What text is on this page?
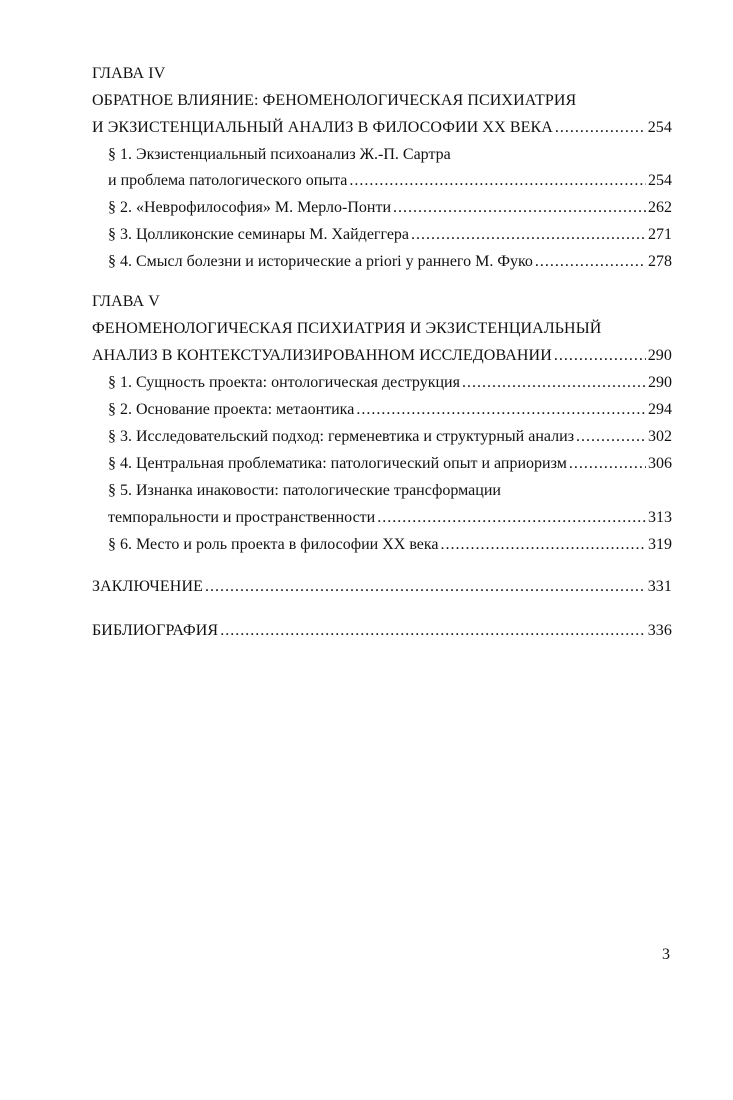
ГЛАВА IV
ОБРАТНОЕ ВЛИЯНИЕ: ФЕНОМЕНОЛОГИЧЕСКАЯ ПСИХИАТРИЯ
И ЭКЗИСТЕНЦИАЛЬНЫЙ АНАЛИЗ В ФИЛОСОФИИ XX ВЕКА .....	254
§ 1. Экзистенциальный психоанализ Ж.-П. Сартра
и проблема патологического опыта .....	254
§ 2. «Неврофилософия» М. Мерло-Понти .....	262
§ 3. Цолликонские семинары М. Хайдеггера .....	271
§ 4. Смысл болезни и исторические a priori у раннего М. Фуко .....	278
ГЛАВА V
ФЕНОМЕНОЛОГИЧЕСКАЯ ПСИХИАТРИЯ И ЭКЗИСТЕНЦИАЛЬНЫЙ
АНАЛИЗ В КОНТЕКСТУАЛИЗИРОВАННОМ ИССЛЕДОВАНИИ .....	290
§ 1. Сущность проекта: онтологическая деструкция .....	290
§ 2. Основание проекта: метаонтика .....	294
§ 3. Исследовательский подход: герменевтика и структурный анализ .....	302
§ 4. Центральная проблематика: патологический опыт и априоризм .....	306
§ 5. Изнанка инаковости: патологические трансформации
темпоральности и пространственности .....	313
§ 6. Место и роль проекта в философии XX века .....	319
ЗАКЛЮЧЕНИЕ .....	331
БИБЛИОГРАФИЯ .....	336
3
